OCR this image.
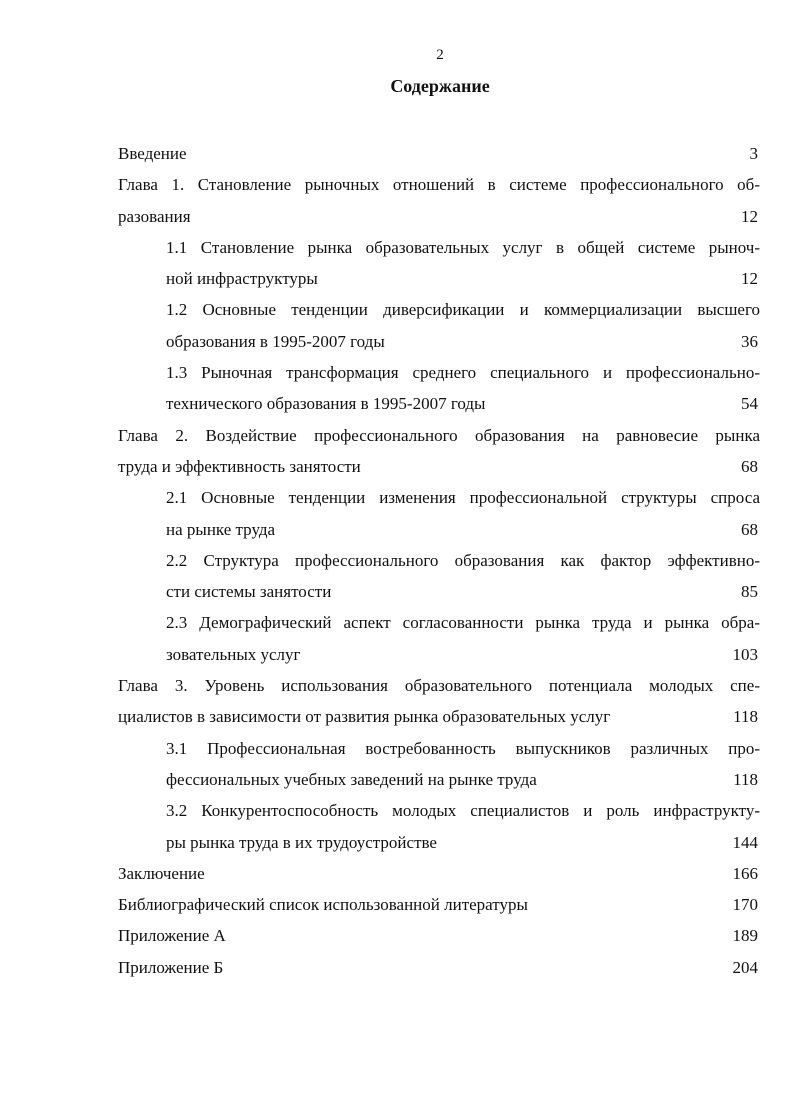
2
Содержание
Введение	3
Глава 1. Становление рыночных отношений в системе профессионального об-
разования	12
1.1 Становление рынка образовательных услуг в общей системе рыноч-
ной инфраструктуры	12
1.2 Основные тенденции диверсификации и коммерциализации высшего
образования в 1995-2007 годы	36
1.3 Рыночная трансформация среднего специального и профессионально-
технического образования в 1995-2007 годы	54
Глава 2. Воздействие профессионального образования на равновесие рынка
труда и эффективность занятости	68
2.1 Основные тенденции изменения профессиональной структуры спроса
на рынке труда	68
2.2 Структура профессионального образования как фактор эффективно-
сти системы занятости	85
2.3 Демографический аспект согласованности рынка труда и рынка обра-
зовательных услуг	103
Глава 3. Уровень использования образовательного потенциала молодых спе-
циалистов в зависимости от развития рынка образовательных услуг	118
3.1 Профессиональная востребованность выпускников различных про-
фессиональных учебных заведений на рынке труда	118
3.2 Конкурентоспособность молодых специалистов и роль инфраструкту-
ры рынка труда в их трудоустройстве	144
Заключение	166
Библиографический список использованной литературы	170
Приложение А	189
Приложение Б	204
